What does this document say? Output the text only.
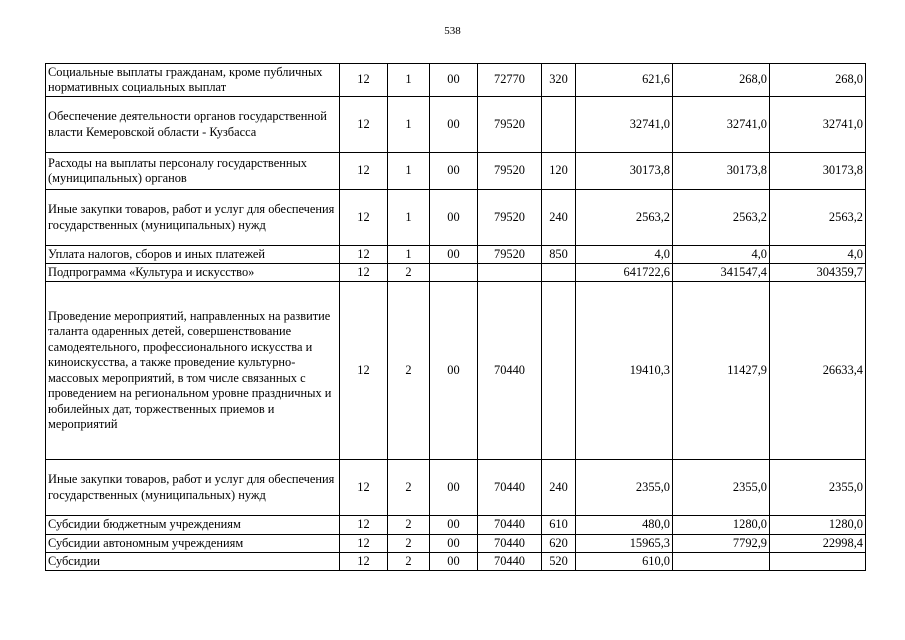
538
Социальные выплаты гражданам, кроме публичных нормативных социальных выплат	12	1	00	72770	320	621,6	268,0	268,0
Обеспечение деятельности органов государственной власти Кемеровской области - Кузбасса	12	1	00	79520		32741,0	32741,0	32741,0
Расходы на выплаты персоналу государственных (муниципальных) органов	12	1	00	79520	120	30173,8	30173,8	30173,8
Иные закупки товаров, работ и услуг для обеспечения государственных (муниципальных) нужд	12	1	00	79520	240	2563,2	2563,2	2563,2
Уплата налогов, сборов и иных платежей	12	1	00	79520	850	4,0	4,0	4,0
Подпрограмма «Культура и искусство»	12	2				641722,6	341547,4	304359,7
Проведение мероприятий, направленных на развитие таланта одаренных детей, совершенствование самодеятельного, профессионального искусства и киноискусства, а также проведение культурно-массовых мероприятий, в том числе связанных с проведением на региональном уровне праздничных и юбилейных дат, торжественных приемов и мероприятий	12	2	00	70440		19410,3	11427,9	26633,4
Иные закупки товаров, работ и услуг для обеспечения государственных (муниципальных) нужд	12	2	00	70440	240	2355,0	2355,0	2355,0
Субсидии бюджетным учреждениям	12	2	00	70440	610	480,0	1280,0	1280,0
Субсидии автономным учреждениям	12	2	00	70440	620	15965,3	7792,9	22998,4
Субсидии	12	2	00	70440	520	610,0		
